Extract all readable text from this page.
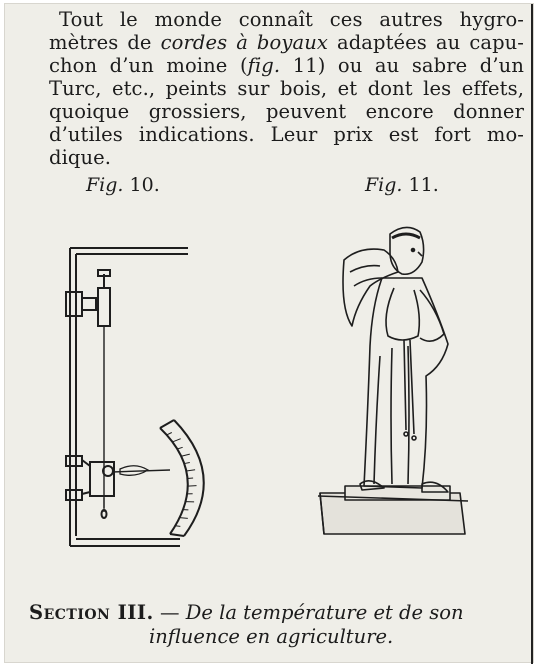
Tout le monde connaît ces autres hygro-
mètres de cordes à boyaux adaptées au capu-
chon d’un moine (fig. 11) ou au sabre d’un
Turc, etc., peints sur bois, et dont les effets,
quoique grossiers, peuvent encore donner
d’utiles indications. Leur prix est fort mo-
dique.
Fig. 10.	Fig. 11.
Section III. — De la température et de son
influence en agriculture.
